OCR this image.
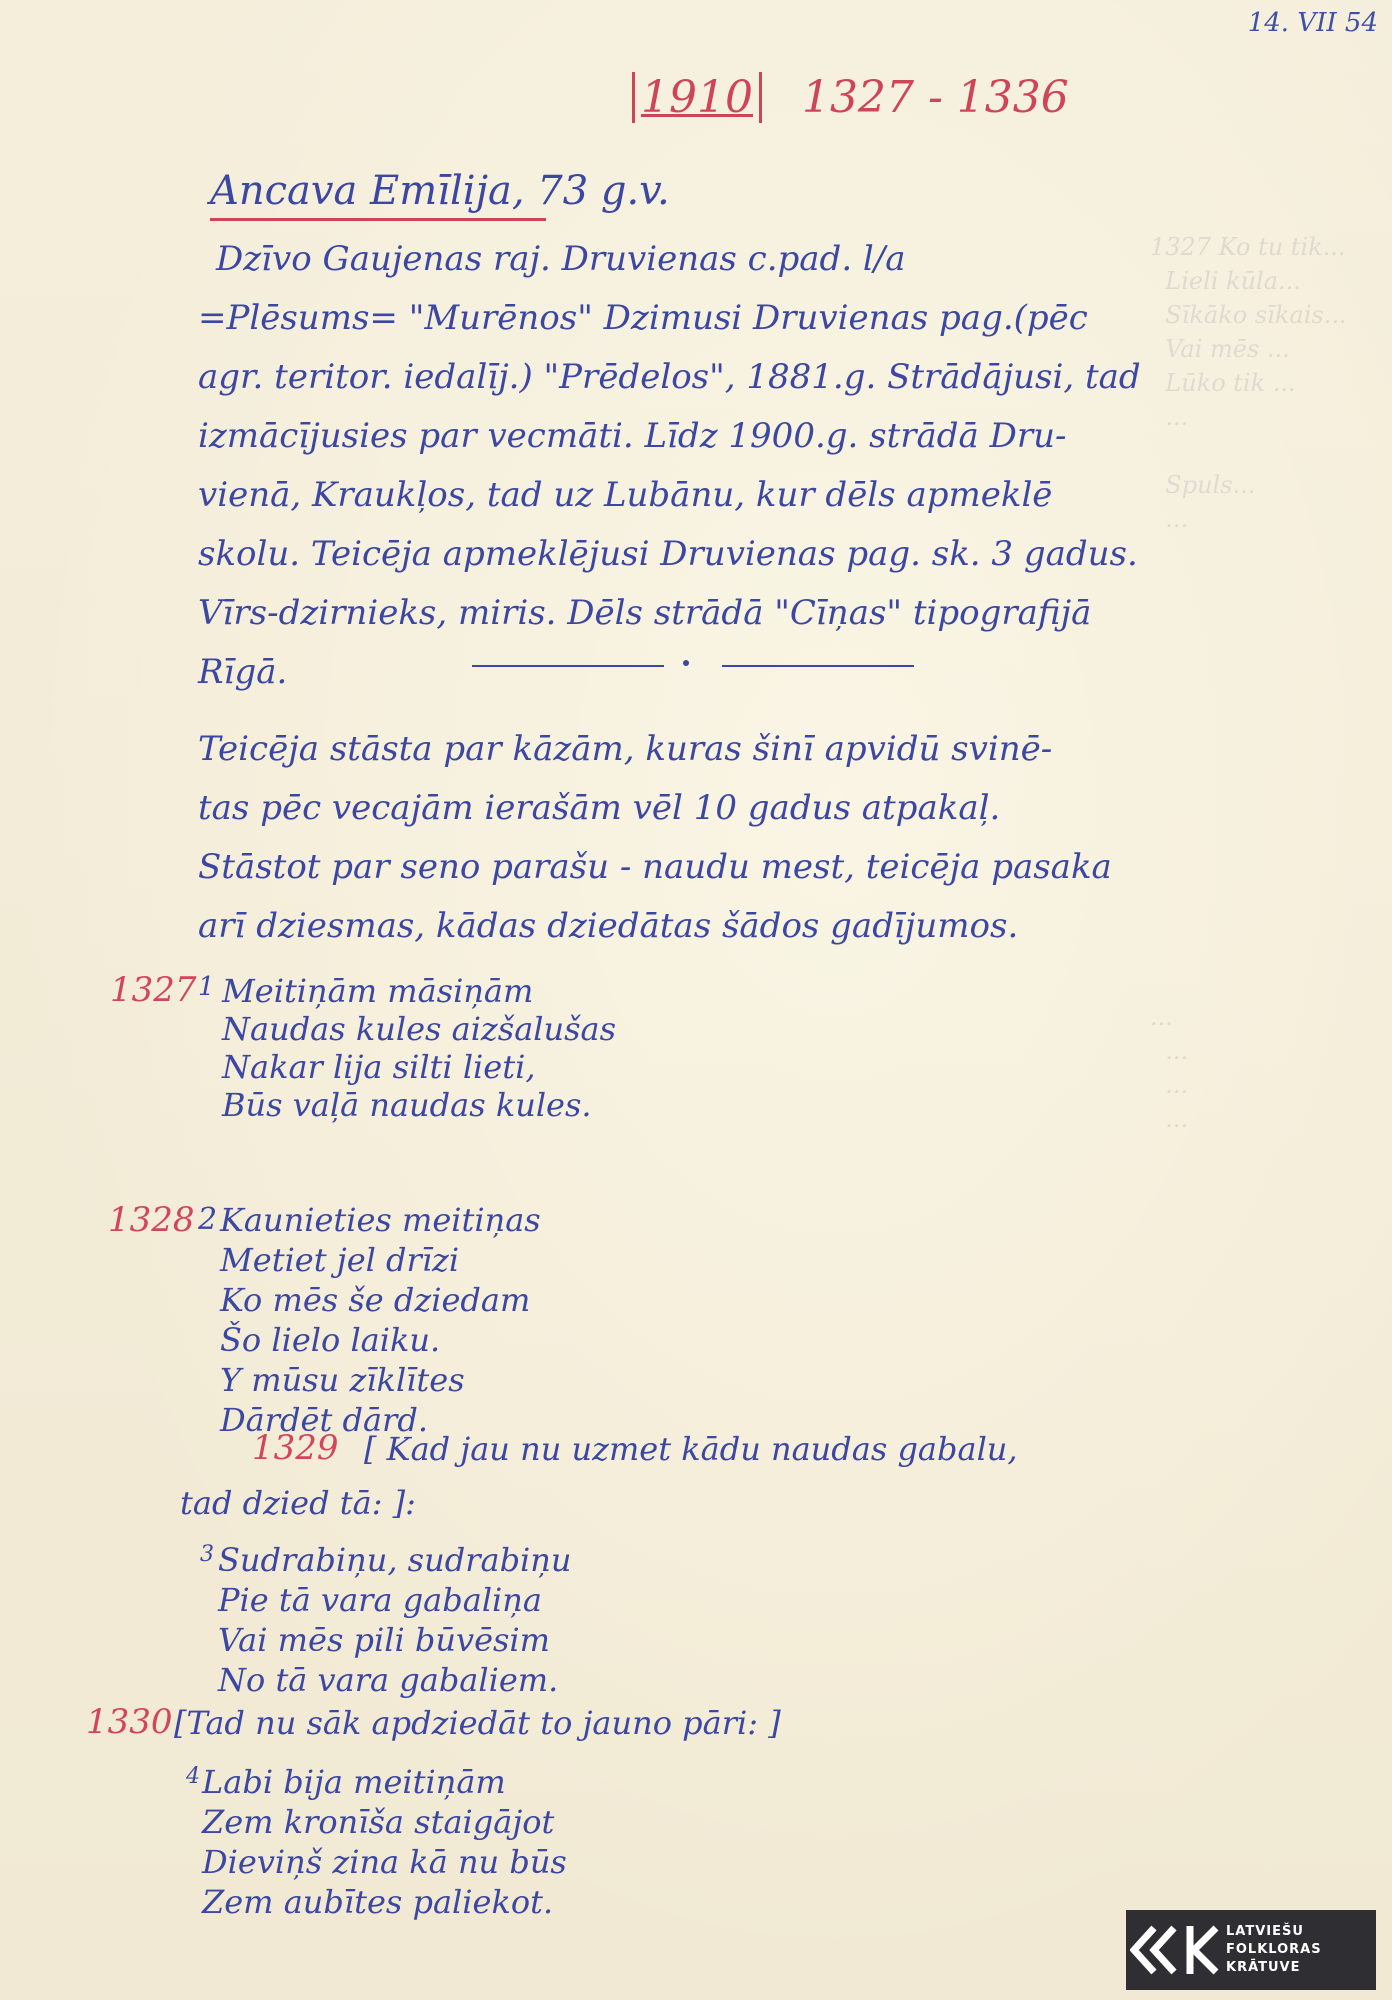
1327 Ko tu tik...
Lieli kūla...
Sīkāko sīkais...
Vai mēs ...
Lūko tik ...
...

Spuls...
...
...
...
...
...
14. VII 54
1910 1327 - 1336
Ancava Emīlija, 73 g.v.
Dzīvo Gaujenas raj. Druvienas c.pad. l/a
=Plēsums= "Murēnos" Dzimusi Druvienas pag.(pēc
agr. teritor. iedalīj.) "Prēdelos", 1881.g. Strādājusi, tad
izmācījusies par vecmāti. Līdz 1900.g. strādā Dru-
vienā, Kraukļos, tad uz Lubānu, kur dēls apmeklē
skolu. Teicēja apmeklējusi Druvienas pag. sk. 3 gadus.
Vīrs-dzirnieks, miris. Dēls strādā "Cīņas" tipografijā
Rīgā.
Teicēja stāsta par kāzām, kuras šinī apvidū svinē-
tas pēc vecajām ierašām vēl 10 gadus atpakaļ.
Stāstot par seno parašu - naudu mest, teicēja pasaka
arī dziesmas, kādas dziedātas šādos gadījumos.
1327 1 Meitiņām māsiņām
Naudas kules aizšalušas
Nakar lija silti lieti,
Būs vaļā naudas kules.
1328 2 Kaunieties meitiņas
Metiet jel drīzi
Ko mēs še dziedam
Šo lielo laiku.
Y mūsu zīklītes
Dārdēt dārd.
1329 [ Kad jau nu uzmet kādu naudas gabalu,
tad dzied tā: ]:
3 Sudrabiņu, sudrabiņu
Pie tā vara gabaliņa
Vai mēs pili būvēsim
No tā vara gabaliem.
1330 [Tad nu sāk apdziedāt to jauno pāri: ]
4 Labi bija meitiņām
Zem kronīša staigājot
Dieviņš zina kā nu būs
Zem aubītes paliekot.
LATVIEŠU
FOLKLORAS
KRĀTUVE
